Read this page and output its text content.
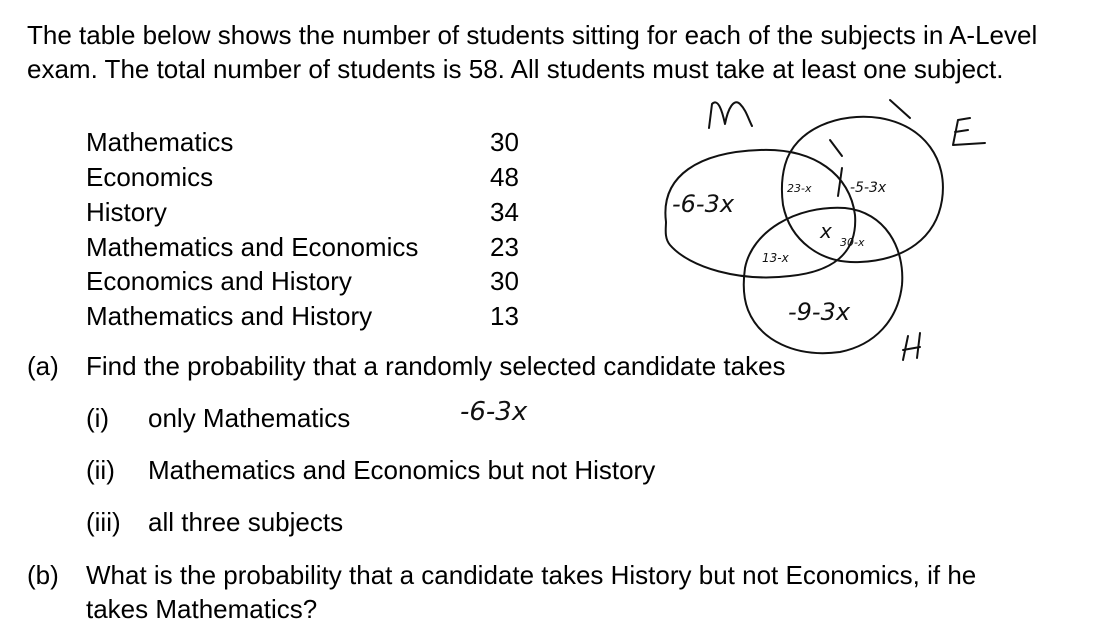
The table below shows the number of students sitting for each of the subjects in A-Level exam. The total number of students is 58. All students must take at least one subject.
Mathematics	30
Economics	48
History	34
Mathematics and Economics	23
Economics and History	30
Mathematics and History	13
(a) Find the probability that a randomly selected candidate takes
(i) only Mathematics
(ii) Mathematics and Economics but not History
(iii) all three subjects
(b) What is the probability that a candidate takes History but not Economics, if he
takes Mathematics?
-6-3x
23-x	-5-3x
x
13-x
30-x
-9-3x
-6-3x
